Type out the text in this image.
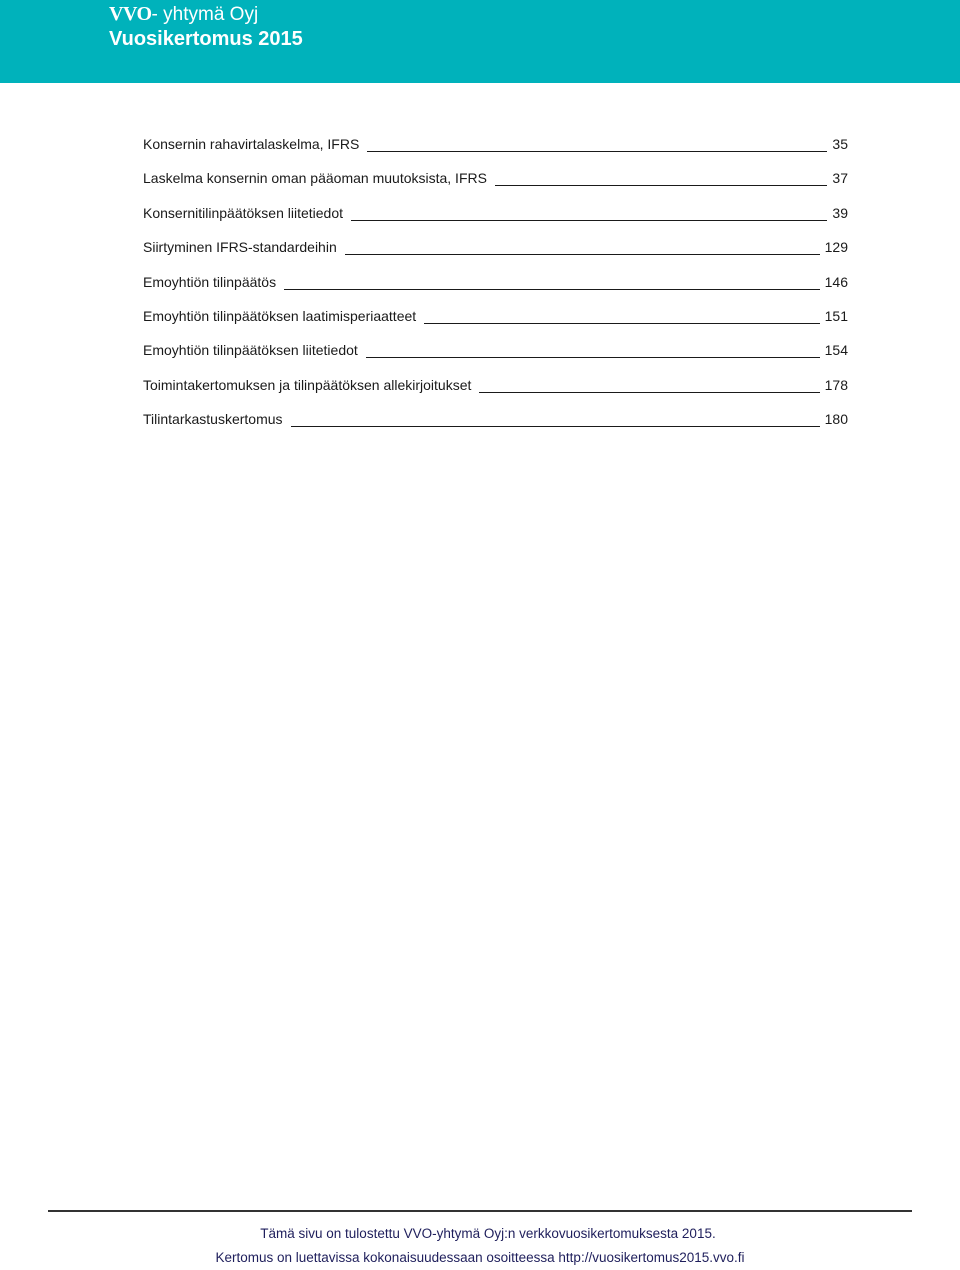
VVO- yhtymä Oyj
Vuosikertomus 2015
Konsernin rahavirtalaskelma, IFRS	35
Laskelma konsernin oman pääoman muutoksista, IFRS	37
Konsernitilinpäätöksen liitetiedot	39
Siirtyminen IFRS-standardeihin	129
Emoyhtiön tilinpäätös	146
Emoyhtiön tilinpäätöksen laatimisperiaatteet	151
Emoyhtiön tilinpäätöksen liitetiedot	154
Toimintakertomuksen ja tilinpäätöksen allekirjoitukset	178
Tilintarkastuskertomus	180
Tämä sivu on tulostettu VVO-yhtymä Oyj:n verkkovuosikertomuksesta 2015.
Kertomus on luettavissa kokonaisuudessaan osoitteessa http://vuosikertomus2015.vvo.fi
